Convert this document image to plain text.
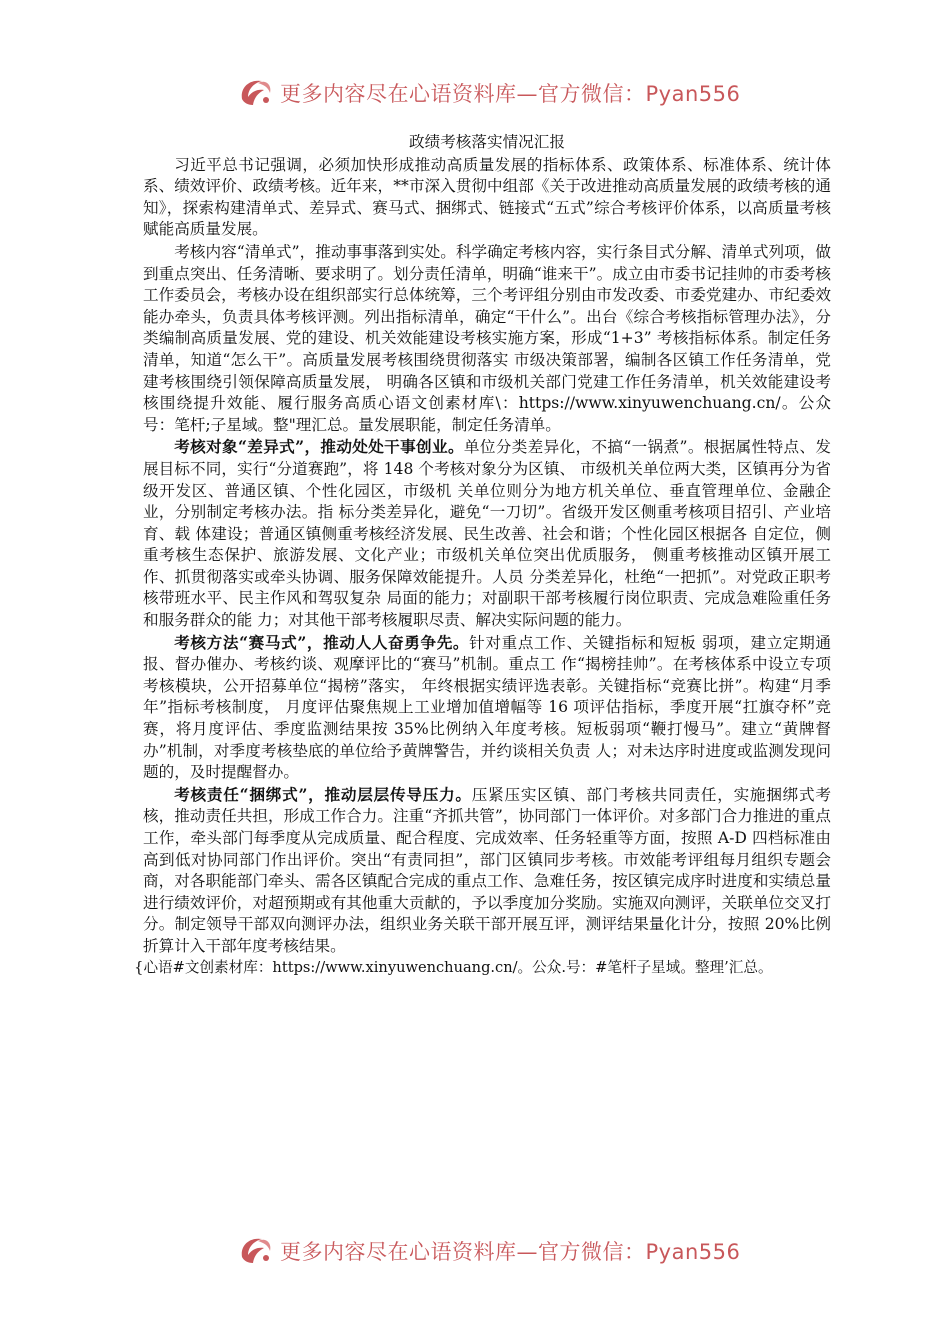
更多内容尽在心语资料库—官方微信：Pyan556
政绩考核落实情况汇报

习近平总书记强调，必须加快形成推动高质量发展的指标体系、政策体系、标准体系、统计体系、绩效评价、政绩考核。近年来，**市深入贯彻中组部《关于改进推动高质量发展的政绩考核的通知》，探索构建清单式、差异式、赛马式、捆绑式、链接式“五式”综合考核评价体系，以高质量考核赋能高质量发展。

考核内容“清单式”，推动事事落到实处。科学确定考核内容，实行条目式分解、清单式列项，做到重点突出、任务清晰、要求明了。划分责任清单，明确“谁来干”。成立由市委书记挂帅的市委考核工作委员会，考核办设在组织部实行总体统筹，三个考评组分别由市发改委、市委党建办、市纪委效能办牵头，负责具体考核评测。列出指标清单，确定“干什么”。出台《综合考核指标管理办法》，分类编制高质量发展、党的建设、机关效能建设考核实施方案，形成“1+3” 考核指标体系。制定任务清单，知道“怎么干”。高质量发展考核围绕贯彻落实 市级决策部署，编制各区镇工作任务清单，党建考核围绕引领保障高质量发展， 明确各区镇和市级机关部门党建工作任务清单，机关效能建设考核围绕提升效能、履行服务高质心语文创素材库\：https://www.xinyuwenchuang.cn/。公众号：笔杆;子星域。整"理汇总。量发展职能，制定任务清单。

考核对象“差异式”，推动处处干事创业。单位分类差异化，不搞“一锅煮”。根据属性特点、发展目标不同，实行“分道赛跑”，将 148 个考核对象分为区镇、 市级机关单位两大类，区镇再分为省级开发区、普通区镇、个性化园区，市级机 关单位则分为地方机关单位、垂直管理单位、金融企业，分别制定考核办法。指 标分类差异化，避免“一刀切”。省级开发区侧重考核项目招引、产业培育、载 体建设；普通区镇侧重考核经济发展、民生改善、社会和谐；个性化园区根据各 自定位，侧重考核生态保护、旅游发展、文化产业；市级机关单位突出优质服务， 侧重考核推动区镇开展工作、抓贯彻落实或牵头协调、服务保障效能提升。人员 分类差异化，杜绝“一把抓”。对党政正职考核带班水平、民主作风和驾驭复杂 局面的能力；对副职干部考核履行岗位职责、完成急难险重任务和服务群众的能 力；对其他干部考核履职尽责、解决实际问题的能力。

考核方法“赛马式”，推动人人奋勇争先。针对重点工作、关键指标和短板 弱项，建立定期通报、督办催办、考核约谈、观摩评比的“赛马”机制。重点工 作“揭榜挂帅”。在考核体系中设立专项考核模块，公开招募单位“揭榜”落实， 年终根据实绩评选表彰。关键指标“竞赛比拼”。构建“月季年”指标考核制度， 月度评估聚焦规上工业增加值增幅等 16 项评估指标，季度开展“扛旗夺杯”竞赛，将月度评估、季度监测结果按 35%比例纳入年度考核。短板弱项“鞭打慢马”。建立“黄牌督办”机制，对季度考核垫底的单位给予黄牌警告，并约谈相关负责 人；对未达序时进度或监测发现问题的，及时提醒督办。

考核责任“捆绑式”，推动层层传导压力。压紧压实区镇、部门考核共同责任，实施捆绑式考核，推动责任共担，形成工作合力。注重“齐抓共管”，协同部门一体评价。对多部门合力推进的重点工作，牵头部门每季度从完成质量、配合程度、完成效率、任务轻重等方面，按照 A-D 四档标准由高到低对协同部门作出评价。突出“有责同担”，部门区镇同步考核。市效能考评组每月组织专题会商，对各职能部门牵头、需各区镇配合完成的重点工作、急难任务，按区镇完成序时进度和实绩总量进行绩效评价，对超预期或有其他重大贡献的，予以季度加分奖励。实施双向测评，关联单位交叉打分。制定领导干部双向测评办法，组织业务关联干部开展互评，测评结果量化计分，按照 20%比例折算计入干部年度考核结果。

{心语#文创素材库：https://www.xinyuwenchuang.cn/。公众.号：#笔杆子星域。整理’汇总。

更多内容尽在心语资料库—官方微信：Pyan556
